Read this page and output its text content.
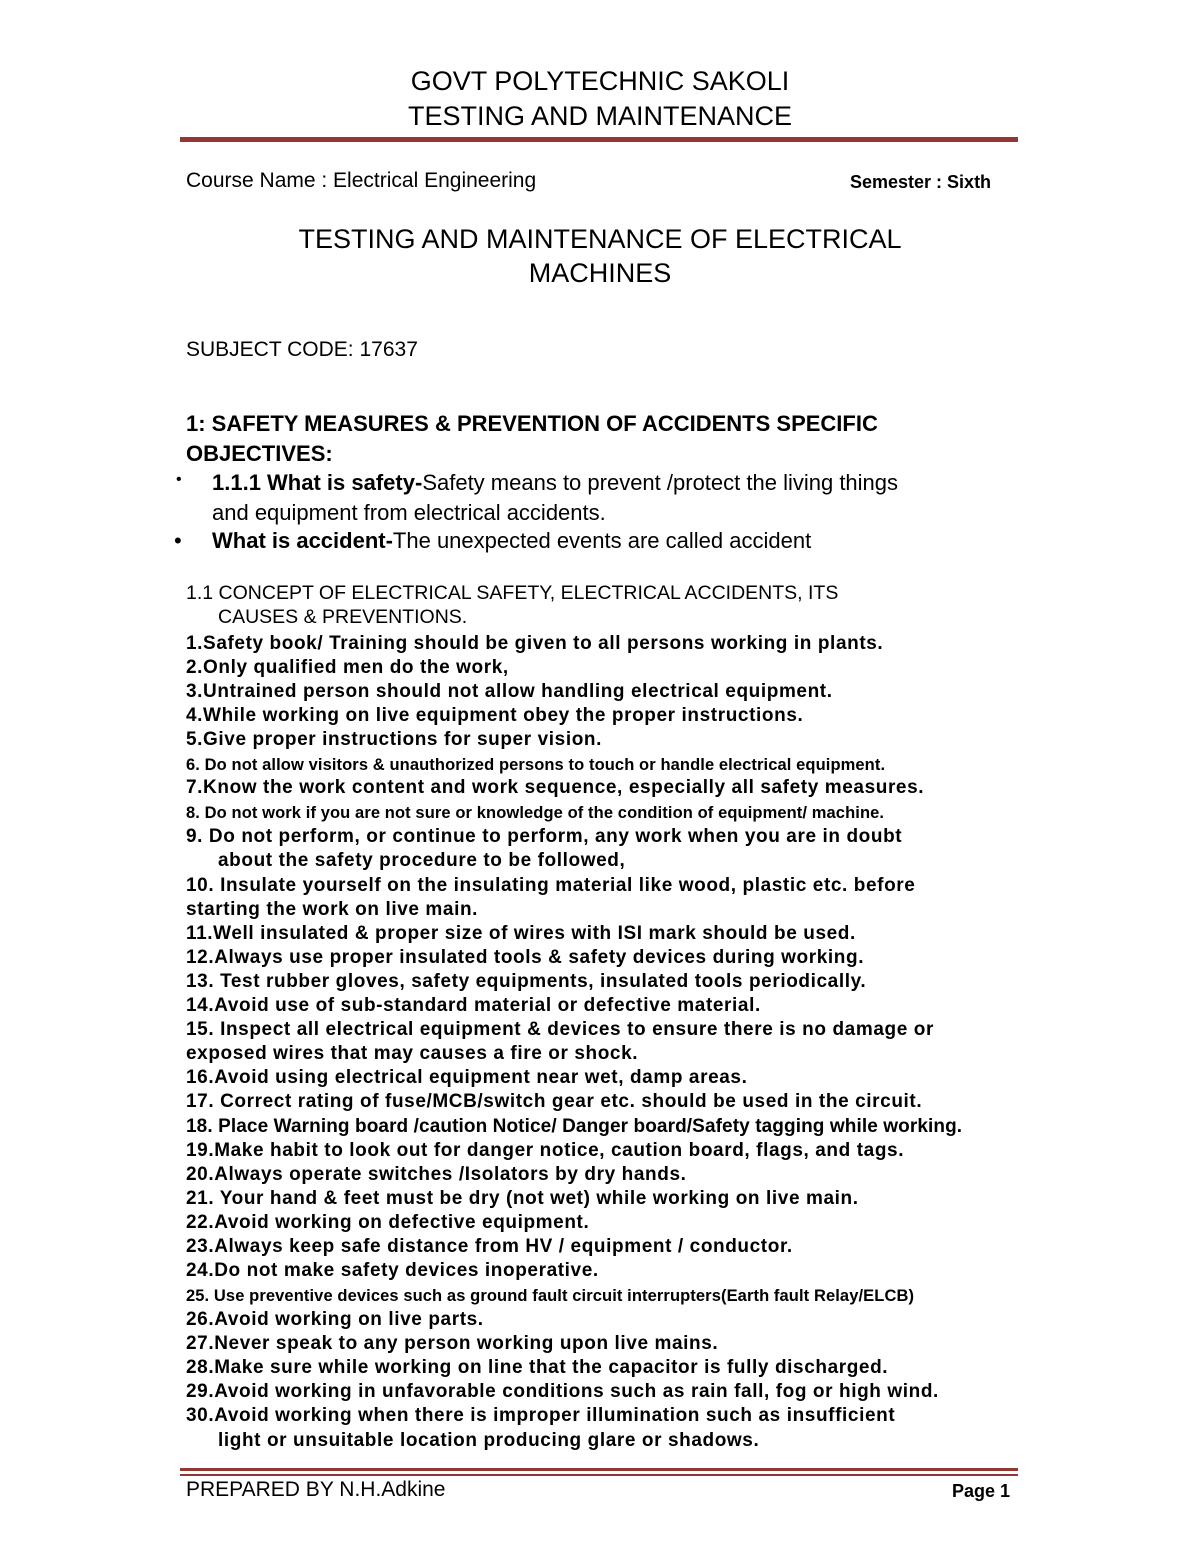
GOVT POLYTECHNIC SAKOLI
TESTING AND MAINTENANCE
Course Name : Electrical Engineering	Semester : Sixth
TESTING AND MAINTENANCE OF ELECTRICAL
MACHINES
SUBJECT CODE: 17637
1: SAFETY MEASURES & PREVENTION OF ACCIDENTS SPECIFIC
OBJECTIVES:
• 1.1.1 What is safety-Safety means to prevent /protect the living things
and equipment from electrical accidents.
• What is accident-The unexpected events are called accident
1.1 CONCEPT OF ELECTRICAL SAFETY, ELECTRICAL ACCIDENTS, ITS
CAUSES & PREVENTIONS.
1.Safety book/ Training should be given to all persons working in plants.
2.Only qualified men do the work,
3.Untrained person should not allow handling electrical equipment.
4.While working on live equipment obey the proper instructions.
5.Give proper instructions for super vision.
6. Do not allow visitors & unauthorized persons to touch or handle electrical equipment.
7.Know the work content and work sequence, especially all safety measures.
8. Do not work if you are not sure or knowledge of the condition of equipment/ machine.
9. Do not perform, or continue to perform, any work when you are in doubt
about the safety procedure to be followed,
10. Insulate yourself on the insulating material like wood, plastic etc. before
starting the work on live main.
11.Well insulated & proper size of wires with ISI mark should be used.
12.Always use proper insulated tools & safety devices during working.
13. Test rubber gloves, safety equipments, insulated tools periodically.
14.Avoid use of sub-standard material or defective material.
15. Inspect all electrical equipment & devices to ensure there is no damage or
exposed wires that may causes a fire or shock.
16.Avoid using electrical equipment near wet, damp areas.
17. Correct rating of fuse/MCB/switch gear etc. should be used in the circuit.
18. Place Warning board /caution Notice/ Danger board/Safety tagging while working.
19.Make habit to look out for danger notice, caution board, flags, and tags.
20.Always operate switches /Isolators by dry hands.
21. Your hand & feet must be dry (not wet) while working on live main.
22.Avoid working on defective equipment.
23.Always keep safe distance from HV / equipment / conductor.
24.Do not make safety devices inoperative.
25. Use preventive devices such as ground fault circuit interrupters(Earth fault Relay/ELCB)
26.Avoid working on live parts.
27.Never speak to any person working upon live mains.
28.Make sure while working on line that the capacitor is fully discharged.
29.Avoid working in unfavorable conditions such as rain fall, fog or high wind.
30.Avoid working when there is improper illumination such as insufficient
light or unsuitable location producing glare or shadows.
PREPARED BY N.H.Adkine	Page 1
